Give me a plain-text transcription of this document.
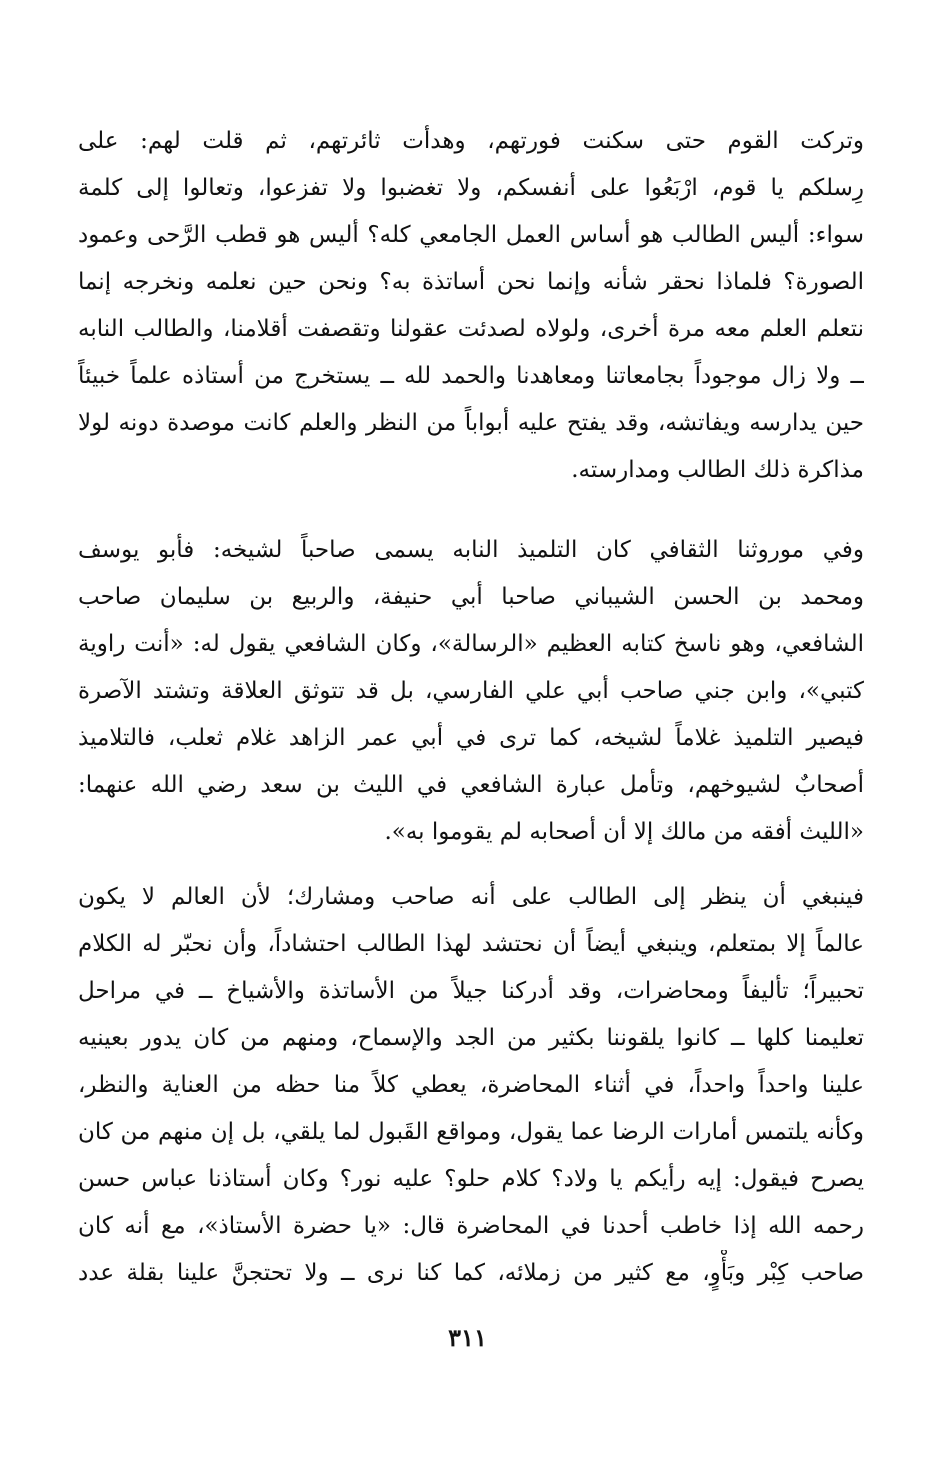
وتركت القوم حتى سكنت فورتهم، وهدأت ثائرتهم، ثم قلت لهم: على
رِسلكم يا قوم، ارْبَعُوا على أنفسكم، ولا تغضبوا ولا تفزعوا، وتعالوا إلى كلمة
سواء: أليس الطالب هو أساس العمل الجامعي كله؟ أليس هو قطب الرَّحى وعمود
الصورة؟ فلماذا نحقر شأنه وإنما نحن أساتذة به؟ ونحن حين نعلمه ونخرجه إنما
نتعلم العلم معه مرة أخرى، ولولاه لصدئت عقولنا وتقصفت أقلامنا، والطالب النابه
ــ ولا زال موجوداً بجامعاتنا ومعاهدنا والحمد لله ــ يستخرج من أستاذه علماً خبيئاً
حين يدارسه ويفاتشه، وقد يفتح عليه أبواباً من النظر والعلم كانت موصدة دونه لولا
مذاكرة ذلك الطالب ومدارسته.
وفي موروثنا الثقافي كان التلميذ النابه يسمى صاحباً لشيخه: فأبو يوسف
ومحمد بن الحسن الشيباني صاحبا أبي حنيفة، والربيع بن سليمان صاحب
الشافعي، وهو ناسخ كتابه العظيم «الرسالة»، وكان الشافعي يقول له: «أنت راوية
كتبي»، وابن جني صاحب أبي علي الفارسي، بل قد تتوثق العلاقة وتشتد الآصرة
فيصير التلميذ غلاماً لشيخه، كما ترى في أبي عمر الزاهد غلام ثعلب، فالتلاميذ
أصحابٌ لشيوخهم، وتأمل عبارة الشافعي في الليث بن سعد رضي الله عنهما:
«الليث أفقه من مالك إلا أن أصحابه لم يقوموا به».
فينبغي أن ينظر إلى الطالب على أنه صاحب ومشارك؛ لأن العالم لا يكون
عالماً إلا بمتعلم، وينبغي أيضاً أن نحتشد لهذا الطالب احتشاداً، وأن نحبّر له الكلام
تحبيراً؛ تأليفاً ومحاضرات، وقد أدركنا جيلاً من الأساتذة والأشياخ ــ في مراحل
تعليمنا كلها ــ كانوا يلقوننا بكثير من الجد والإسماح، ومنهم من كان يدور بعينيه
علينا واحداً واحداً، في أثناء المحاضرة، يعطي كلاً منا حظه من العناية والنظر،
وكأنه يلتمس أمارات الرضا عما يقول، ومواقع القَبول لما يلقي، بل إن منهم من كان
يصرح فيقول: إيه رأيكم يا ولاد؟ كلام حلو؟ عليه نور؟ وكان أستاذنا عباس حسن
رحمه الله إذا خاطب أحدنا في المحاضرة قال: «يا حضرة الأستاذ»، مع أنه كان
صاحب كِبْر وبَأْوٍ، مع كثير من زملائه، كما كنا نرى ــ ولا تحتجنَّ علينا بقلة عدد
٣١١
